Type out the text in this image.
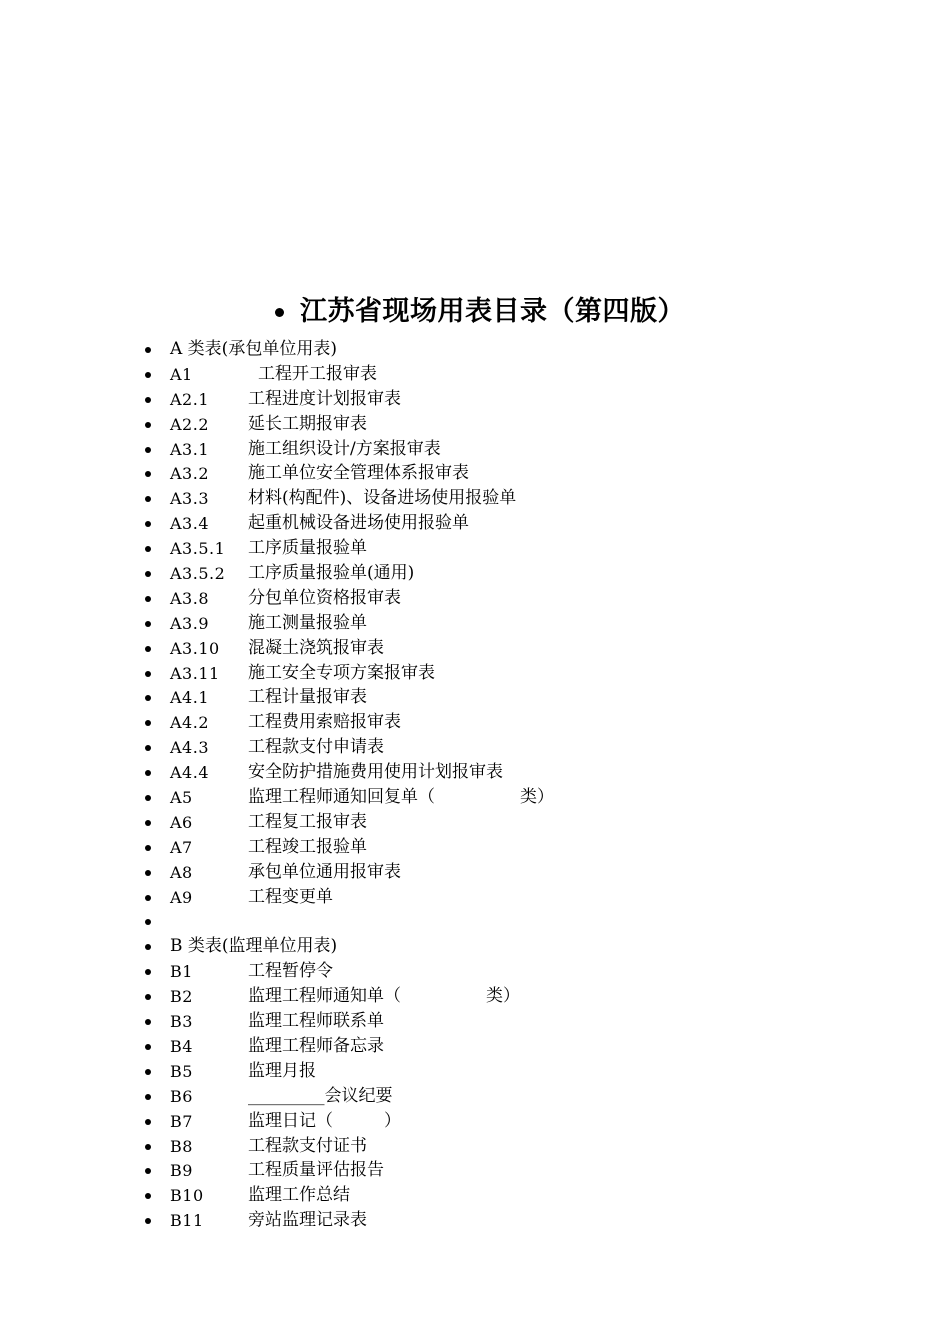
江苏省现场用表目录（第四版）
A 类表(承包单位用表)
A1	工程开工报审表
A2.1 工程进度计划报审表
A2.2 延长工期报审表
A3.1 施工组织设计/方案报审表
A3.2 施工单位安全管理体系报审表
A3.3 材料(构配件)、设备进场使用报验单
A3.4 起重机械设备进场使用报验单
A3.5.1 工序质量报验单
A3.5.2 工序质量报验单(通用)
A3.8 分包单位资格报审表
A3.9 施工测量报验单
A3.10 混凝土浇筑报审表
A3.11 施工安全专项方案报审表
A4.1 工程计量报审表
A4.2 工程费用索赔报审表
A4.3 工程款支付申请表
A4.4 安全防护措施费用使用计划报审表
A5	监理工程师通知回复单（　　　　　类）
A6	工程复工报审表
A7	工程竣工报验单
A8	承包单位通用报审表
A9	工程变更单
B 类表(监理单位用表)
B1	工程暂停令
B2	监理工程师通知单（　　　　　类）
B3	监理工程师联系单
B4	监理工程师备忘录
B5	监理月报
B6	_________会议纪要
B7	监理日记（　　　）
B8	工程款支付证书
B9	工程质量评估报告
B10	监理工作总结
B11	旁站监理记录表
